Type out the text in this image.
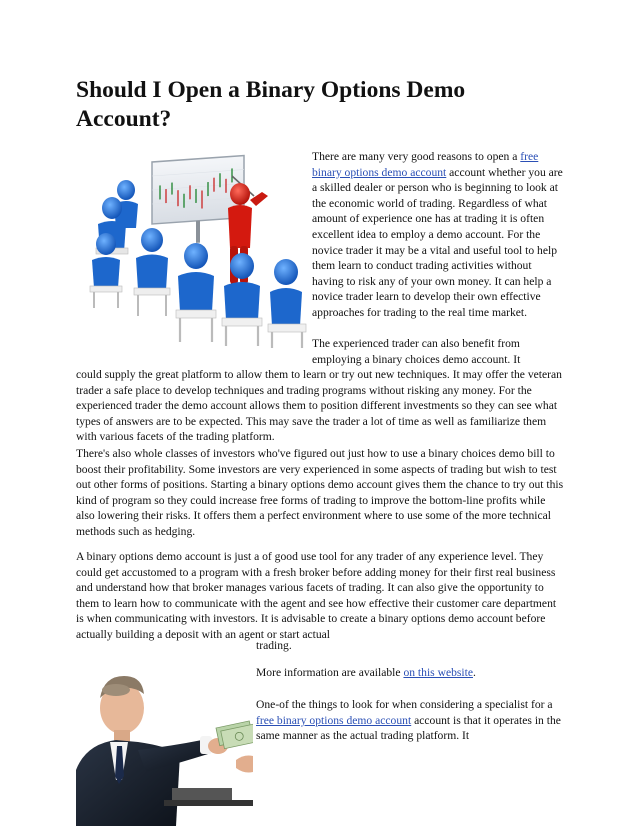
Should I Open a Binary Options Demo Account?

There are many very good reasons to open a free binary options demo account account whether you are a skilled dealer or person who is beginning to look at the economic world of trading. Regardless of what amount of experience one has at trading it is often excellent idea to employ a demo account. For the novice trader it may be a vital and useful tool to help them learn to conduct trading activities without having to risk any of your own money. It can help a novice trader learn to develop their own effective approaches for trading to the real time market.

The experienced trader can also benefit from employing a binary choices demo account. It

could supply the great platform to allow them to learn or try out new techniques. It may offer the veteran trader a safe place to develop techniques and trading programs without risking any money. For the experienced trader the demo account allows them to position different investments so they can see what types of answers are to be expected. This may save the trader a lot of time as well as familiarize them with various facets of the trading platform.

There's also whole classes of investors who've figured out just how to use a binary choices demo bill to boost their profitability. Some investors are very experienced in some aspects of trading but wish to test out other forms of positions. Starting a binary options demo account gives them the chance to try out this kind of program so they could increase free forms of trading to improve the bottom-line profits while also lowering their risks. It offers them a perfect environment where to use some of the more technical methods such as hedging.

A binary options demo account is just a of good use tool for any trader of any experience level. They could get accustomed to a program with a fresh broker before adding money for their first real business and understand how that broker manages various facets of trading. It can also give the opportunity to them to learn how to communicate with the agent and see how effective their customer care department is when communicating with investors. It is advisable to create a binary options demo account before actually building a deposit with an agent or start actual

trading.

More information are available on this website.

One-of the things to look for when considering a specialist for a free binary options demo account account is that it operates in the same manner as the actual trading platform. It
